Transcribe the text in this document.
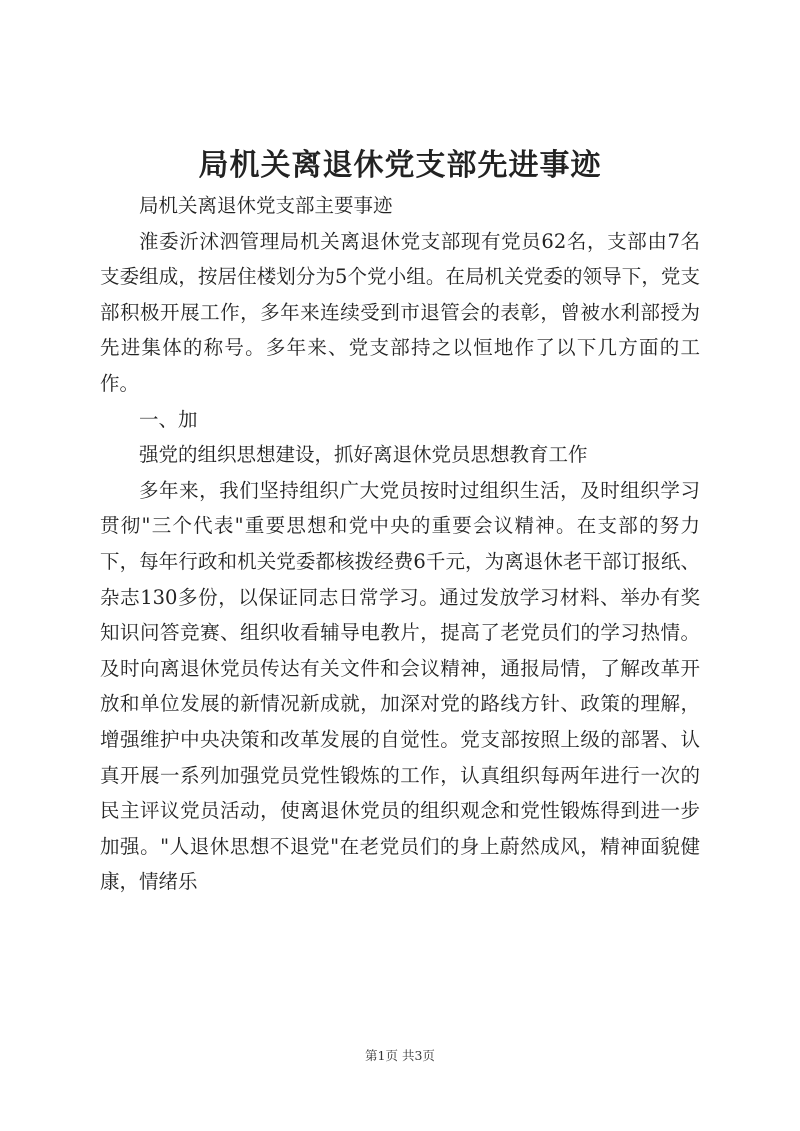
局机关离退休党支部先进事迹

局机关离退休党支部主要事迹

淮委沂沭泗管理局机关离退休党支部现有党员62名，支部由7名支委组成，按居住楼划分为5个党小组。在局机关党委的领导下，党支部积极开展工作，多年来连续受到市退管会的表彰，曾被水利部授为先进集体的称号。多年来、党支部持之以恒地作了以下几方面的工作。

一、加

强党的组织思想建设，抓好离退休党员思想教育工作

多年来，我们坚持组织广大党员按时过组织生活，及时组织学习贯彻"三个代表"重要思想和党中央的重要会议精神。在支部的努力下，每年行政和机关党委都核拨经费6千元，为离退休老干部订报纸、杂志130多份，以保证同志日常学习。通过发放学习材料、举办有奖知识问答竞赛、组织收看辅导电教片，提高了老党员们的学习热情。及时向离退休党员传达有关文件和会议精神，通报局情，了解改革开放和单位发展的新情况新成就，加深对党的路线方针、政策的理解，增强维护中央决策和改革发展的自觉性。党支部按照上级的部署、认真开展一系列加强党员党性锻炼的工作，认真组织每两年进行一次的民主评议党员活动，使离退休党员的组织观念和党性锻炼得到进一步加强。"人退休思想不退党"在老党员们的身上蔚然成风，精神面貌健康，情绪乐

第1页 共3页
